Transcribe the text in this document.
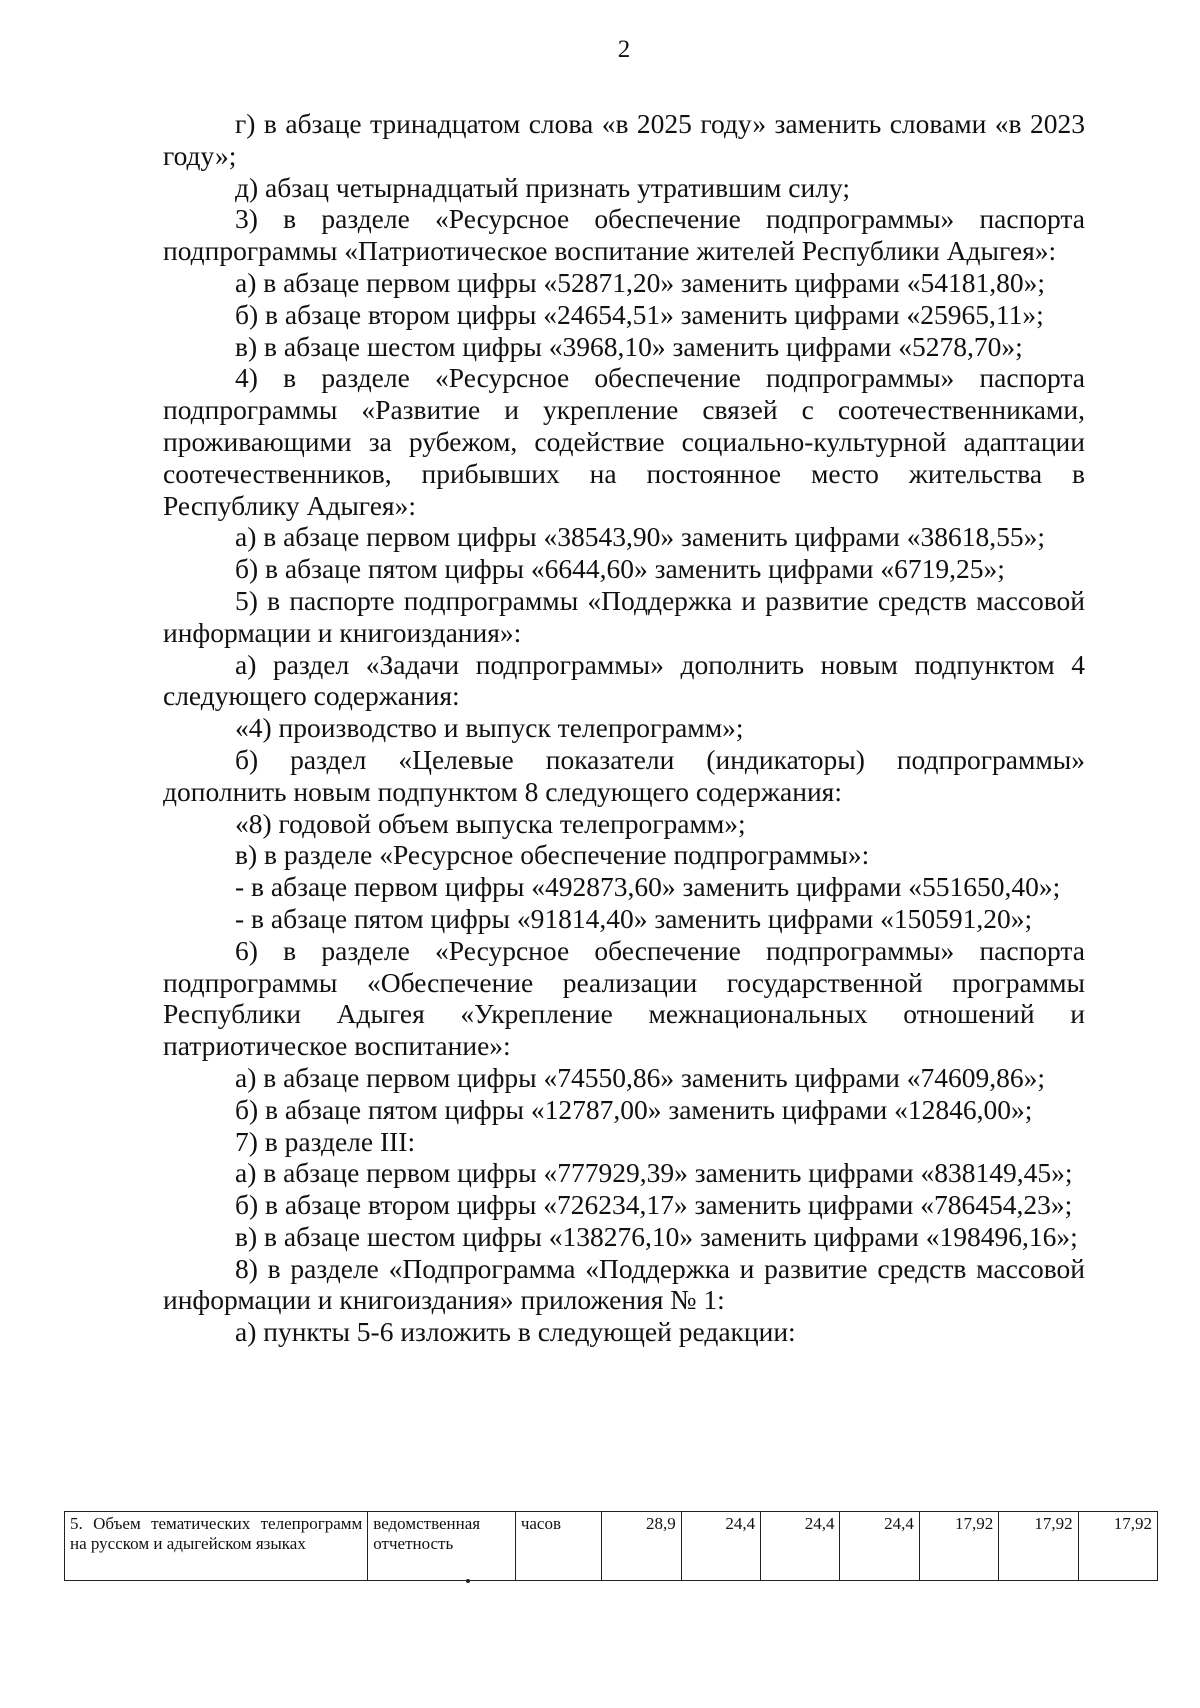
2

г) в абзаце тринадцатом слова «в 2025 году» заменить словами «в 2023 году»;

д) абзац четырнадцатый признать утратившим силу;

3) в разделе «Ресурсное обеспечение подпрограммы» паспорта подпрограммы «Патриотическое воспитание жителей Республики Адыгея»:

а) в абзаце первом цифры «52871,20» заменить цифрами «54181,80»;

б) в абзаце втором цифры «24654,51» заменить цифрами «25965,11»;

в) в абзаце шестом цифры «3968,10» заменить цифрами «5278,70»;

4) в разделе «Ресурсное обеспечение подпрограммы» паспорта подпрограммы «Развитие и укрепление связей с соотечественниками, проживающими за рубежом, содействие социально-культурной адаптации соотечественников, прибывших на постоянное место жительства в Республику Адыгея»:

а) в абзаце первом цифры «38543,90» заменить цифрами «38618,55»;

б) в абзаце пятом цифры «6644,60» заменить цифрами «6719,25»;

5) в паспорте подпрограммы «Поддержка и развитие средств массовой информации и книгоиздания»:

а) раздел «Задачи подпрограммы» дополнить новым подпунктом 4 следующего содержания:

«4) производство и выпуск телепрограмм»;

б) раздел «Целевые показатели (индикаторы) подпрограммы» дополнить новым подпунктом 8 следующего содержания:

«8) годовой объем выпуска телепрограмм»;

в) в разделе «Ресурсное обеспечение подпрограммы»:

- в абзаце первом цифры «492873,60» заменить цифрами «551650,40»;

- в абзаце пятом цифры «91814,40» заменить цифрами «150591,20»;

6) в разделе «Ресурсное обеспечение подпрограммы» паспорта подпрограммы «Обеспечение реализации государственной программы Республики Адыгея «Укрепление межнациональных отношений и патриотическое воспитание»:

а) в абзаце первом цифры «74550,86» заменить цифрами «74609,86»;

б) в абзаце пятом цифры «12787,00» заменить цифрами «12846,00»;

7) в разделе III:

а) в абзаце первом цифры «777929,39» заменить цифрами «838149,45»;

б) в абзаце втором цифры «726234,17» заменить цифрами «786454,23»;

в) в абзаце шестом цифры «138276,10» заменить цифрами «198496,16»;

8) в разделе «Подпрограмма «Поддержка и развитие средств массовой информации и книгоиздания» приложения № 1:

а) пункты 5-6 изложить в следующей редакции:

5. Объем тематических телепрограмм на русском и адыгейском языках	ведомственная отчетность	часов	28,9	24,4	24,4	24,4	17,92	17,92	17,92
